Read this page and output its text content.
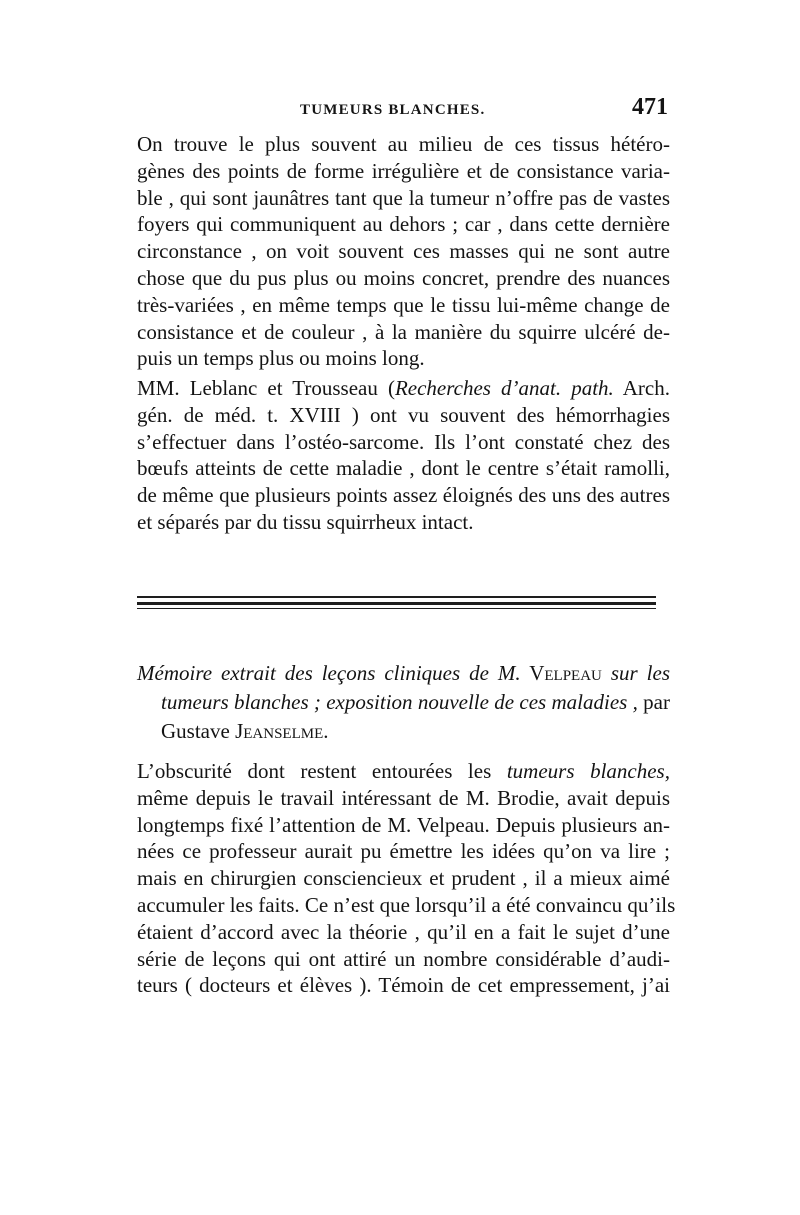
TUMEURS BLANCHES.	471
On trouve le plus souvent au milieu de ces tissus hétéro-
gènes des points de forme irrégulière et de consistance varia-
ble , qui sont jaunâtres tant que la tumeur n’offre pas de vastes
foyers qui communiquent au dehors ; car , dans cette dernière
circonstance , on voit souvent ces masses qui ne sont autre
chose que du pus plus ou moins concret, prendre des nuances
très-variées , en même temps que le tissu lui-même change de
consistance et de couleur , à la manière du squirre ulcéré de-
puis un temps plus ou moins long.
MM. Leblanc et Trousseau (Recherches d’anat. path. Arch.
gén. de méd. t. XVIII ) ont vu souvent des hémorrhagies
s’effectuer dans l’ostéo-sarcome. Ils l’ont constaté chez des
bœufs atteints de cette maladie , dont le centre s’était ramolli,
de même que plusieurs points assez éloignés des uns des autres
et séparés par du tissu squirrheux intact.
Mémoire extrait des leçons cliniques de M. Velpeau sur les
tumeurs blanches ; exposition nouvelle de ces maladies , par
Gustave Jeanselme.
L’obscurité dont restent entourées les tumeurs blanches,
même depuis le travail intéressant de M. Brodie, avait depuis
longtemps fixé l’attention de M. Velpeau. Depuis plusieurs an-
nées ce professeur aurait pu émettre les idées qu’on va lire ;
mais en chirurgien consciencieux et prudent , il a mieux aimé
accumuler les faits. Ce n’est que lorsqu’il a été convaincu qu’ils
étaient d’accord avec la théorie , qu’il en a fait le sujet d’une
série de leçons qui ont attiré un nombre considérable d’audi-
teurs ( docteurs et élèves ). Témoin de cet empressement, j’ai
